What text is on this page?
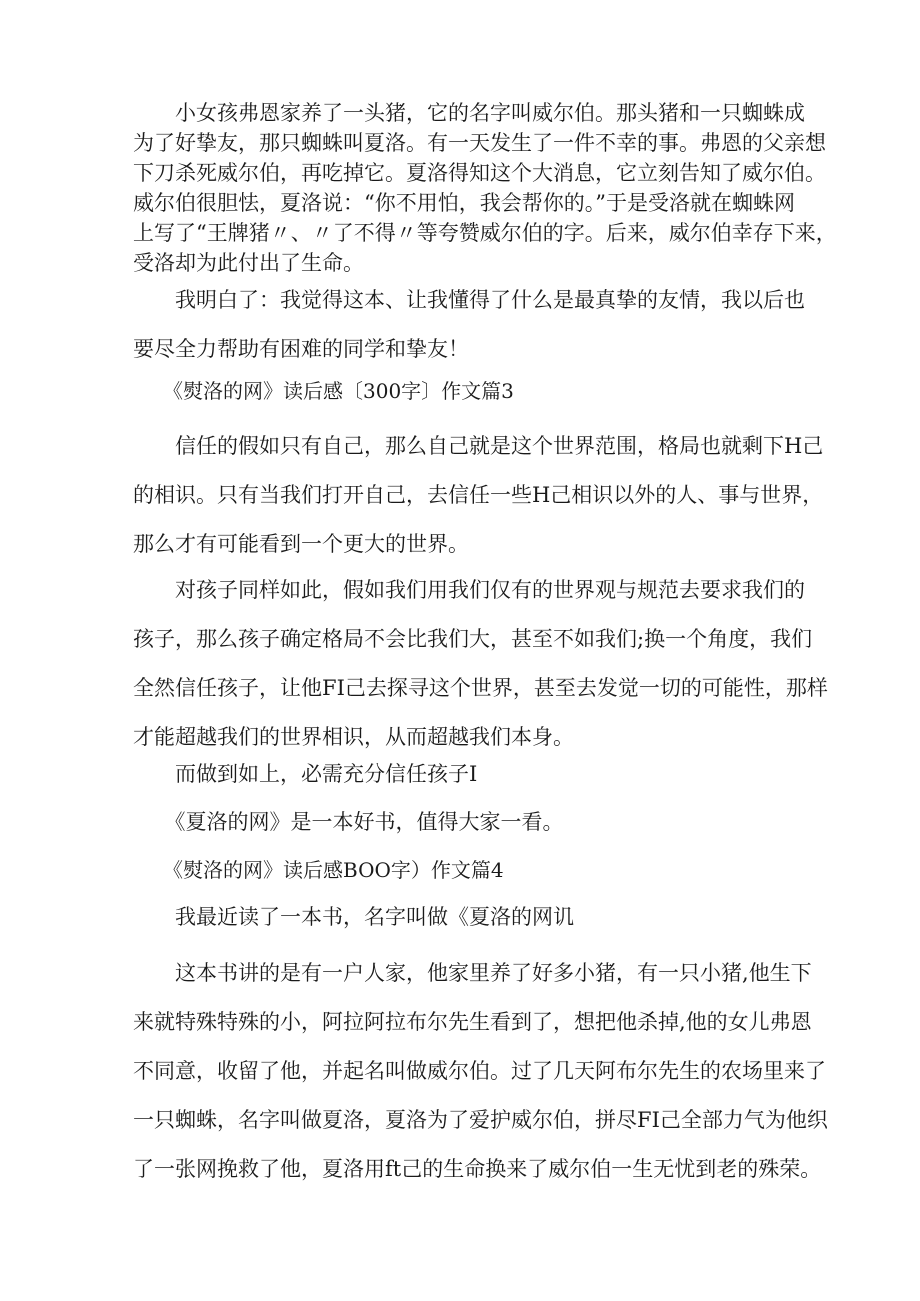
　　小女孩弗恩家养了一头猪，它的名字叫威尔伯。那头猪和一只蜘蛛成
为了好挚友，那只蜘蛛叫夏洛。有一天发生了一件不幸的事。弗恩的父亲想
下刀杀死威尔伯，再吃掉它。夏洛得知这个大消息，它立刻告知了威尔伯。
威尔伯很胆怯，夏洛说：“你不用怕，我会帮你的。”于是受洛就在蜘蛛网
上写了“王牌猪〃、〃了不得〃等夸赞威尔伯的字。后来，威尔伯幸存下来，
受洛却为此付出了生命。
　　我明白了：我觉得这本、让我懂得了什么是最真挚的友情，我以后也
要尽全力帮助有困难的同学和挚友！
　　《熨洛的网》读后感〔300字〕作文篇3
　　信任的假如只有自己，那么自己就是这个世界范围，格局也就剩下H己
的相识。只有当我们打开自己，去信任一些H己相识以外的人、事与世界，
那么才有可能看到一个更大的世界。
　　对孩子同样如此，假如我们用我们仅有的世界观与规范去要求我们的
孩子，那么孩子确定格局不会比我们大，甚至不如我们;换一个角度，我们
全然信任孩子，让他FI己去探寻这个世界，甚至去发觉一切的可能性，那样
才能超越我们的世界相识，从而超越我们本身。
　　而做到如上，必需充分信任孩子I
　　《夏洛的网》是一本好书，值得大家一看。
　　《熨洛的网》读后感BOO字）作文篇4
　　我最近读了一本书，名字叫做《夏洛的网讥
　　这本书讲的是有一户人家，他家里养了好多小猪，有一只小猪,他生下
来就特殊特殊的小，阿拉阿拉布尔先生看到了，想把他杀掉,他的女儿弗恩
不同意，收留了他，并起名叫做威尔伯。过了几天阿布尔先生的农场里来了
一只蜘蛛，名字叫做夏洛，夏洛为了爱护威尔伯，拼尽FI己全部力气为他织
了一张网挽救了他，夏洛用ft己的生命换来了威尔伯一生无忧到老的殊荣。
